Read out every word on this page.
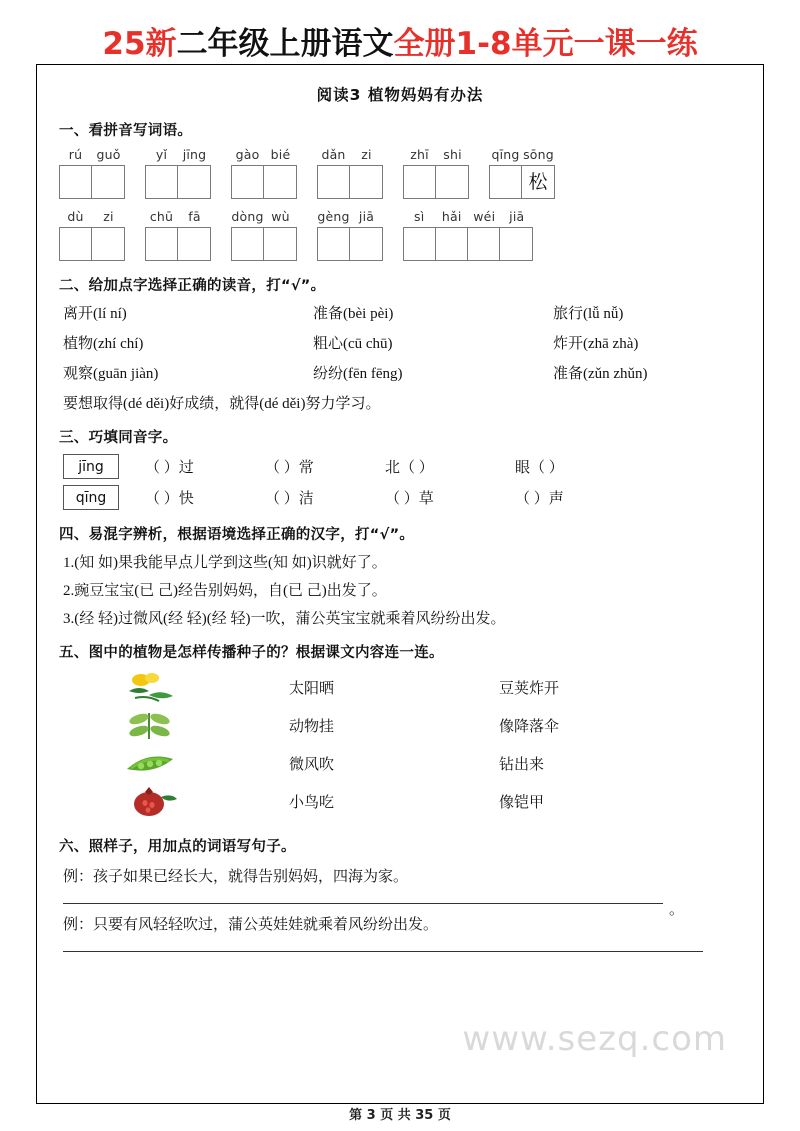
25新二年级上册语文全册1-8单元一课一练
阅读3 植物妈妈有办法
一、看拼音写词语。
rú	guǒ	yǐ	jīng	gào bié	dǎn	zi	zhī	shi	qīng sōng
松
dù	zi	chū	fā	dòng wù	gèng jiā	sì	hǎi wéi	jiā
二、给加点字选择正确的读音，打“√”。
离开(lí ní)	准备(bèi pèi)	旅行(lǚ nǚ)
植物(zhí chí)	粗心(cū chū)	炸开(zhā zhà)
观察(guān jiàn)	纷纷(fēn fēng)	准备(zǔn zhǔn)
要想取得(dé děi)好成绩，就得(dé děi)努力学习。
三、巧填同音字。
jīng	（ ）过	（ ）常	北（ ）	眼（ ）
qīng	（ ）快	（ ）洁	（ ）草	（ ）声
四、易混字辨析，根据语境选择正确的汉字，打“√”。
1.(知 如)果我能早点儿学到这些(知 如)识就好了。
2.豌豆宝宝(已 己)经告别妈妈，自(已 己)出发了。
3.(经 轻)过微风(经 轻)(经 轻)一吹，蒲公英宝宝就乘着风纷纷出发。
五、图中的植物是怎样传播种子的？根据课文内容连一连。
太阳晒
动物挂
微风吹
小鸟吃
豆荚炸开
像降落伞
钻出来
像铠甲
六、照样子，用加点的词语写句子。
例：孩子如果已经长大，就得告别妈妈，四海为家。
。
例：只要有风轻轻吹过，蒲公英娃娃就乘着风纷纷出发。
www.sezq.com
第 3 页 共 35 页
